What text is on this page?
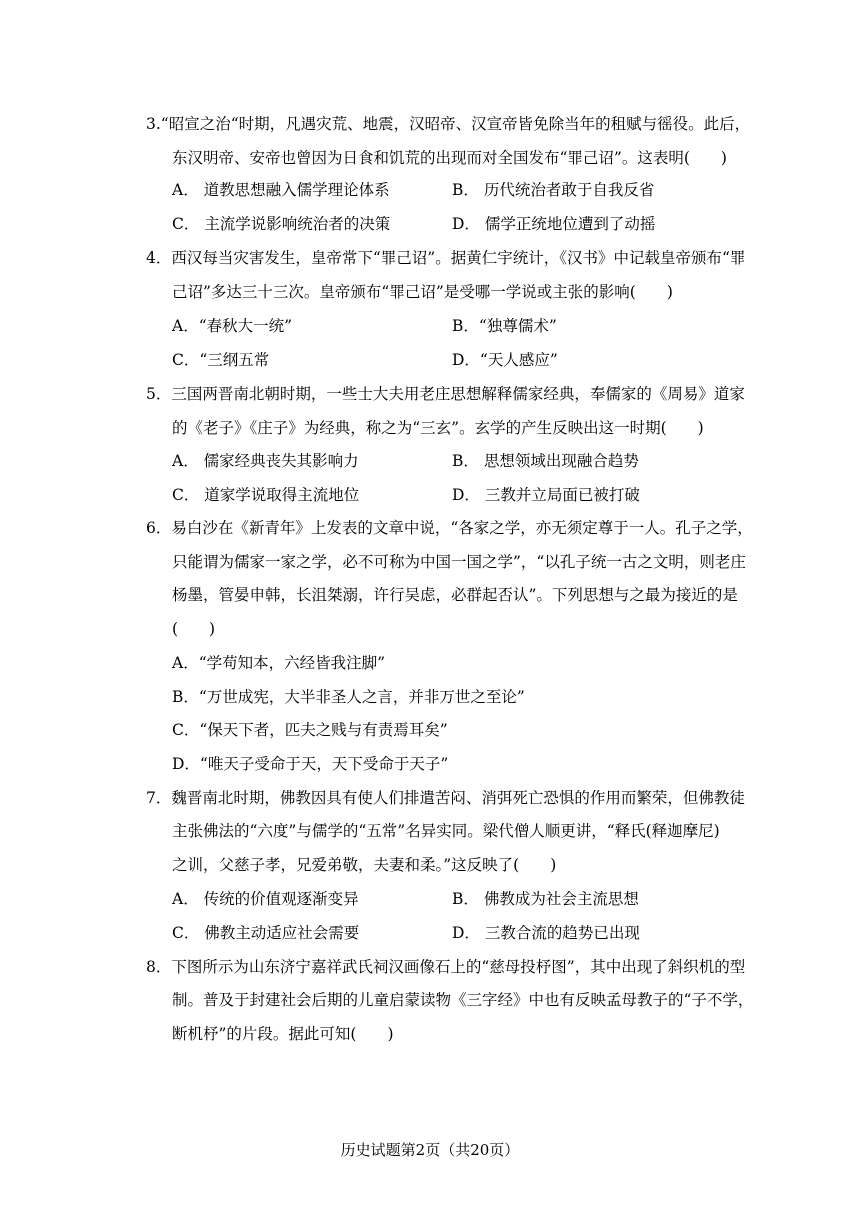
3.“昭宣之治“时期，凡遇灾荒、地震，汉昭帝、汉宣帝皆免除当年的租赋与徭役。此后，
东汉明帝、安帝也曾因为日食和饥荒的出现而对全国发布“罪己诏”。这表明(　　)
A． 道教思想融入儒学理论体系	B． 历代统治者敢于自我反省
C． 主流学说影响统治者的决策	D． 儒学正统地位遭到了动摇
4．西汉每当灾害发生，皇帝常下“罪己诏”。据黄仁宇统计，《汉书》中记载皇帝颁布“罪
己诏”多达三十三次。皇帝颁布“罪己诏”是受哪一学说或主张的影响(　　)
A．“春秋大一统”	B．“独尊儒术”
C．“三纲五常	D．“天人感应”
5．三国两晋南北朝时期，一些士大夫用老庄思想解释儒家经典，奉儒家的《周易》道家
的《老子》《庄子》为经典，称之为“三玄”。玄学的产生反映出这一时期(　　)
A． 儒家经典丧失其影响力	B． 思想领域出现融合趋势
C． 道家学说取得主流地位	D． 三教并立局面已被打破
6．易白沙在《新青年》上发表的文章中说，“各家之学，亦无须定尊于一人。孔子之学，
只能谓为儒家一家之学，必不可称为中国一国之学”，“以孔子统一古之文明，则老庄
杨墨，管晏申韩，长沮桀溺，许行吴虑，必群起否认”。下列思想与之最为接近的是
(　　)
A．“学苟知本，六经皆我注脚”
B．“万世成宪，大半非圣人之言，并非万世之至论”
C．“保天下者，匹夫之贱与有责焉耳矣”
D．“唯天子受命于天，天下受命于天子”
7．魏晋南北时期，佛教因具有使人们排遣苦闷、消弭死亡恐惧的作用而繁荣，但佛教徒
主张佛法的“六度”与儒学的“五常”名异实同。梁代僧人顺更讲，“释氏(释迦摩尼)
之训，父慈子孝，兄爱弟敬，夫妻和柔。”这反映了(　　)
A． 传统的价值观逐渐变异	B． 佛教成为社会主流思想
C． 佛教主动适应社会需要	D． 三教合流的趋势已出现
8．下图所示为山东济宁嘉祥武氏祠汉画像石上的“慈母投杼图”，其中出现了斜织机的型
制。普及于封建社会后期的儿童启蒙读物《三字经》中也有反映孟母教子的“子不学，
断机杼”的片段。据此可知(　　)
历史试题第2页（共20页）
